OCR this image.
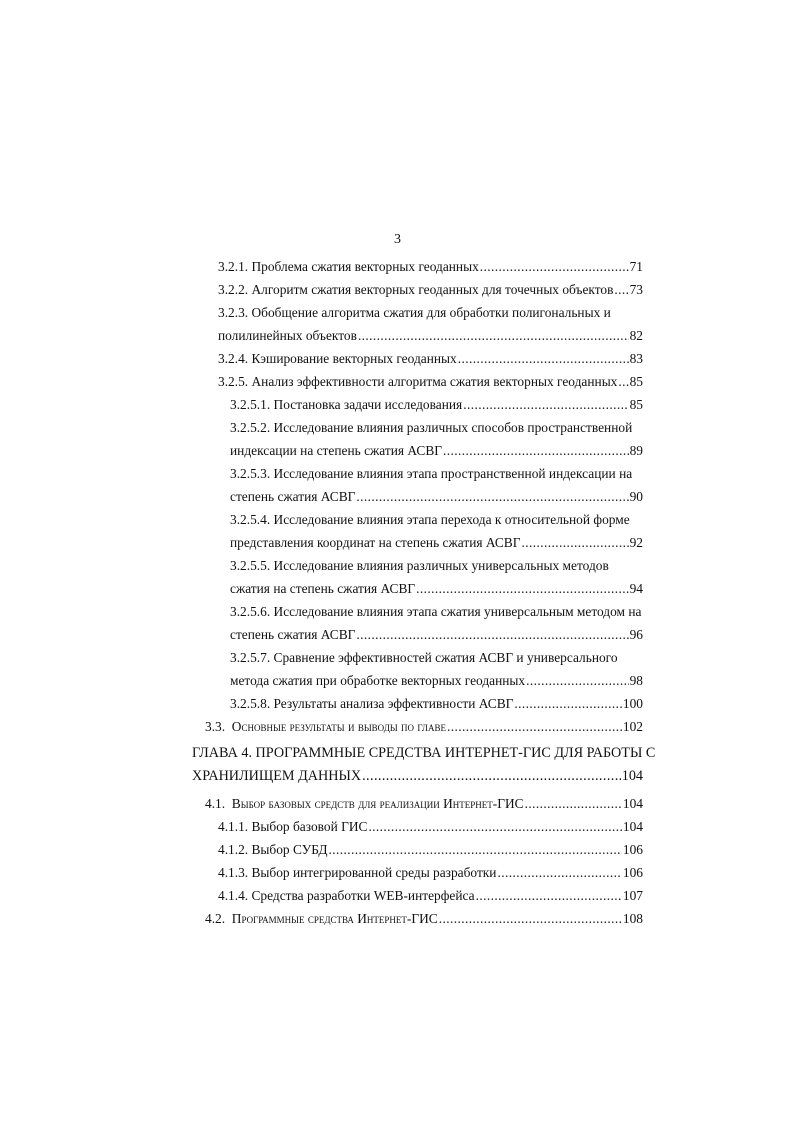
3
3.2.1. Проблема сжатия векторных геоданных .....	71
3.2.2. Алгоритм сжатия векторных геоданных для точечных объектов ..... 73
3.2.3. Обобщение алгоритма сжатия для обработки полигональных и
полилинейных объектов .....	82
3.2.4. Кэширование векторных геоданных .....	83
3.2.5. Анализ эффективности алгоритма сжатия векторных геоданных ..... 85
3.2.5.1. Постановка задачи исследования .....	85
3.2.5.2. Исследование влияния различных способов пространственной
индексации на степень сжатия АСВГ .....	89
3.2.5.3. Исследование влияния этапа пространственной индексации на
степень сжатия АСВГ .....	90
3.2.5.4. Исследование влияния этапа перехода к относительной форме
представления координат на степень сжатия АСВГ .....	92
3.2.5.5. Исследование влияния различных универсальных методов
сжатия на степень сжатия АСВГ .....	94
3.2.5.6. Исследование влияния этапа сжатия универсальным методом на
степень сжатия АСВГ .....	96
3.2.5.7. Сравнение эффективностей сжатия АСВГ и универсального
метода сжатия при обработке векторных геоданных .....	98
3.2.5.8. Результаты анализа эффективности АСВГ .....	100
3.3. Основные результаты и выводы по главе .....	102
ГЛАВА 4. ПРОГРАММНЫЕ СРЕДСТВА ИНТЕРНЕТ-ГИС ДЛЯ РАБОТЫ С
ХРАНИЛИЩЕМ ДАННЫХ .....	104
4.1. Выбор базовых средств для реализации Интернет-ГИС .....	104
4.1.1. Выбор базовой ГИС .....	104
4.1.2. Выбор СУБД .....	106
4.1.3. Выбор интегрированной среды разработки .....	106
4.1.4. Средства разработки WEB-интерфейса .....	107
4.2. Программные средства Интернет-ГИС .....	108
